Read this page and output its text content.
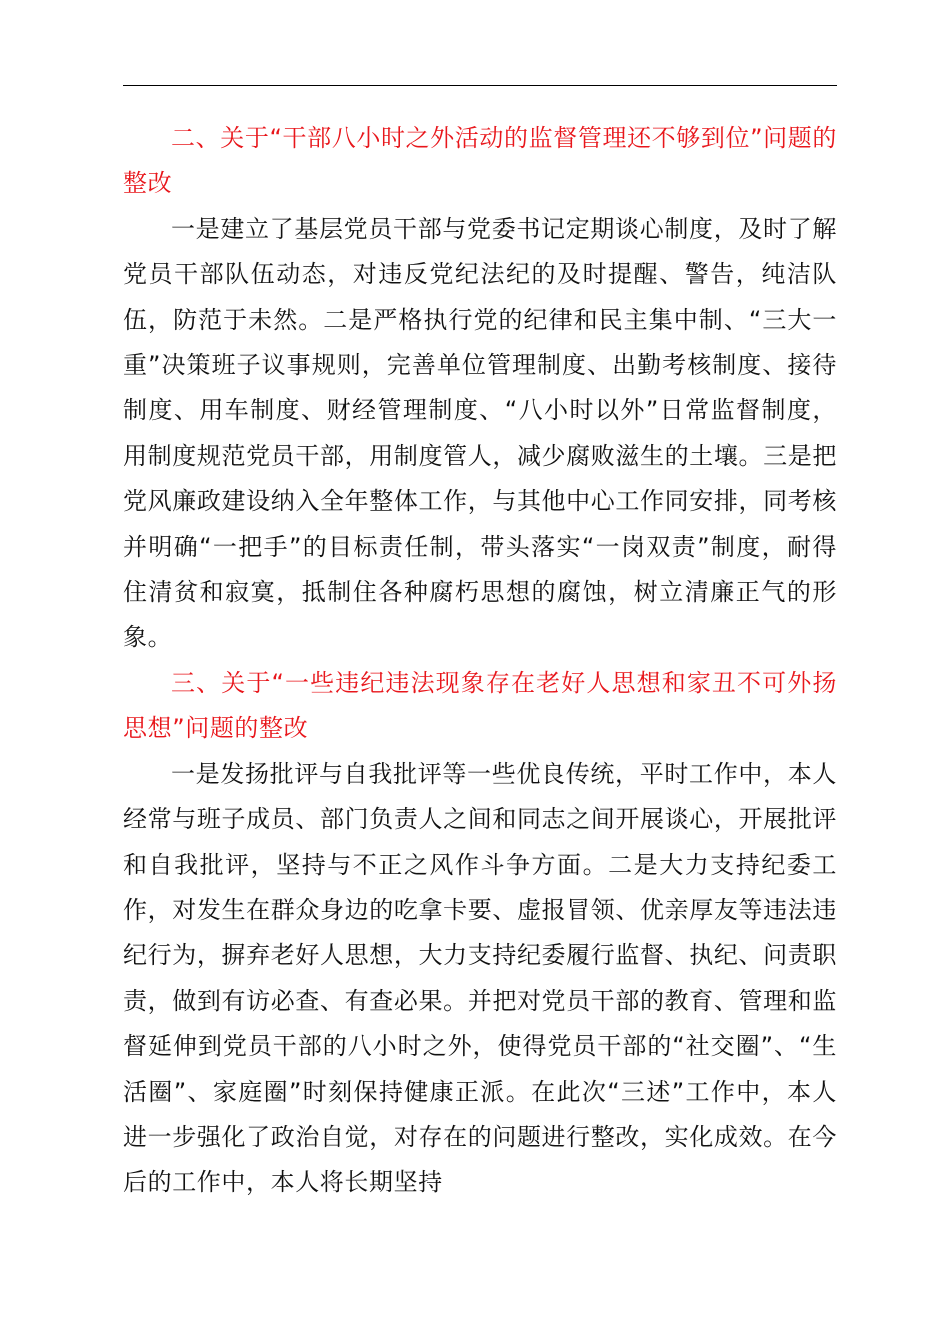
二、关于“干部八小时之外活动的监督管理还不够到位”问题的整改

一是建立了基层党员干部与党委书记定期谈心制度，及时了解党员干部队伍动态，对违反党纪法纪的及时提醒、警告，纯洁队伍，防范于未然。二是严格执行党的纪律和民主集中制、“三大一重”决策班子议事规则，完善单位管理制度、出勤考核制度、接待制度、用车制度、财经管理制度、“八小时以外”日常监督制度，用制度规范党员干部，用制度管人，减少腐败滋生的土壤。三是把党风廉政建设纳入全年整体工作，与其他中心工作同安排，同考核并明确“一把手”的目标责任制，带头落实“一岗双责”制度，耐得住清贫和寂寞，抵制住各种腐朽思想的腐蚀，树立清廉正气的形象。

三、关于“一些违纪违法现象存在老好人思想和家丑不可外扬思想”问题的整改

一是发扬批评与自我批评等一些优良传统，平时工作中，本人经常与班子成员、部门负责人之间和同志之间开展谈心，开展批评和自我批评，坚持与不正之风作斗争方面。二是大力支持纪委工作，对发生在群众身边的吃拿卡要、虚报冒领、优亲厚友等违法违纪行为，摒弃老好人思想，大力支持纪委履行监督、执纪、问责职责，做到有访必查、有查必果。并把对党员干部的教育、管理和监督延伸到党员干部的八小时之外，使得党员干部的“社交圈”、“生活圈”、家庭圈”时刻保持健康正派。在此次“三述”工作中，本人进一步强化了政治自觉，对存在的问题进行整改，实化成效。在今后的工作中，本人将长期坚持
